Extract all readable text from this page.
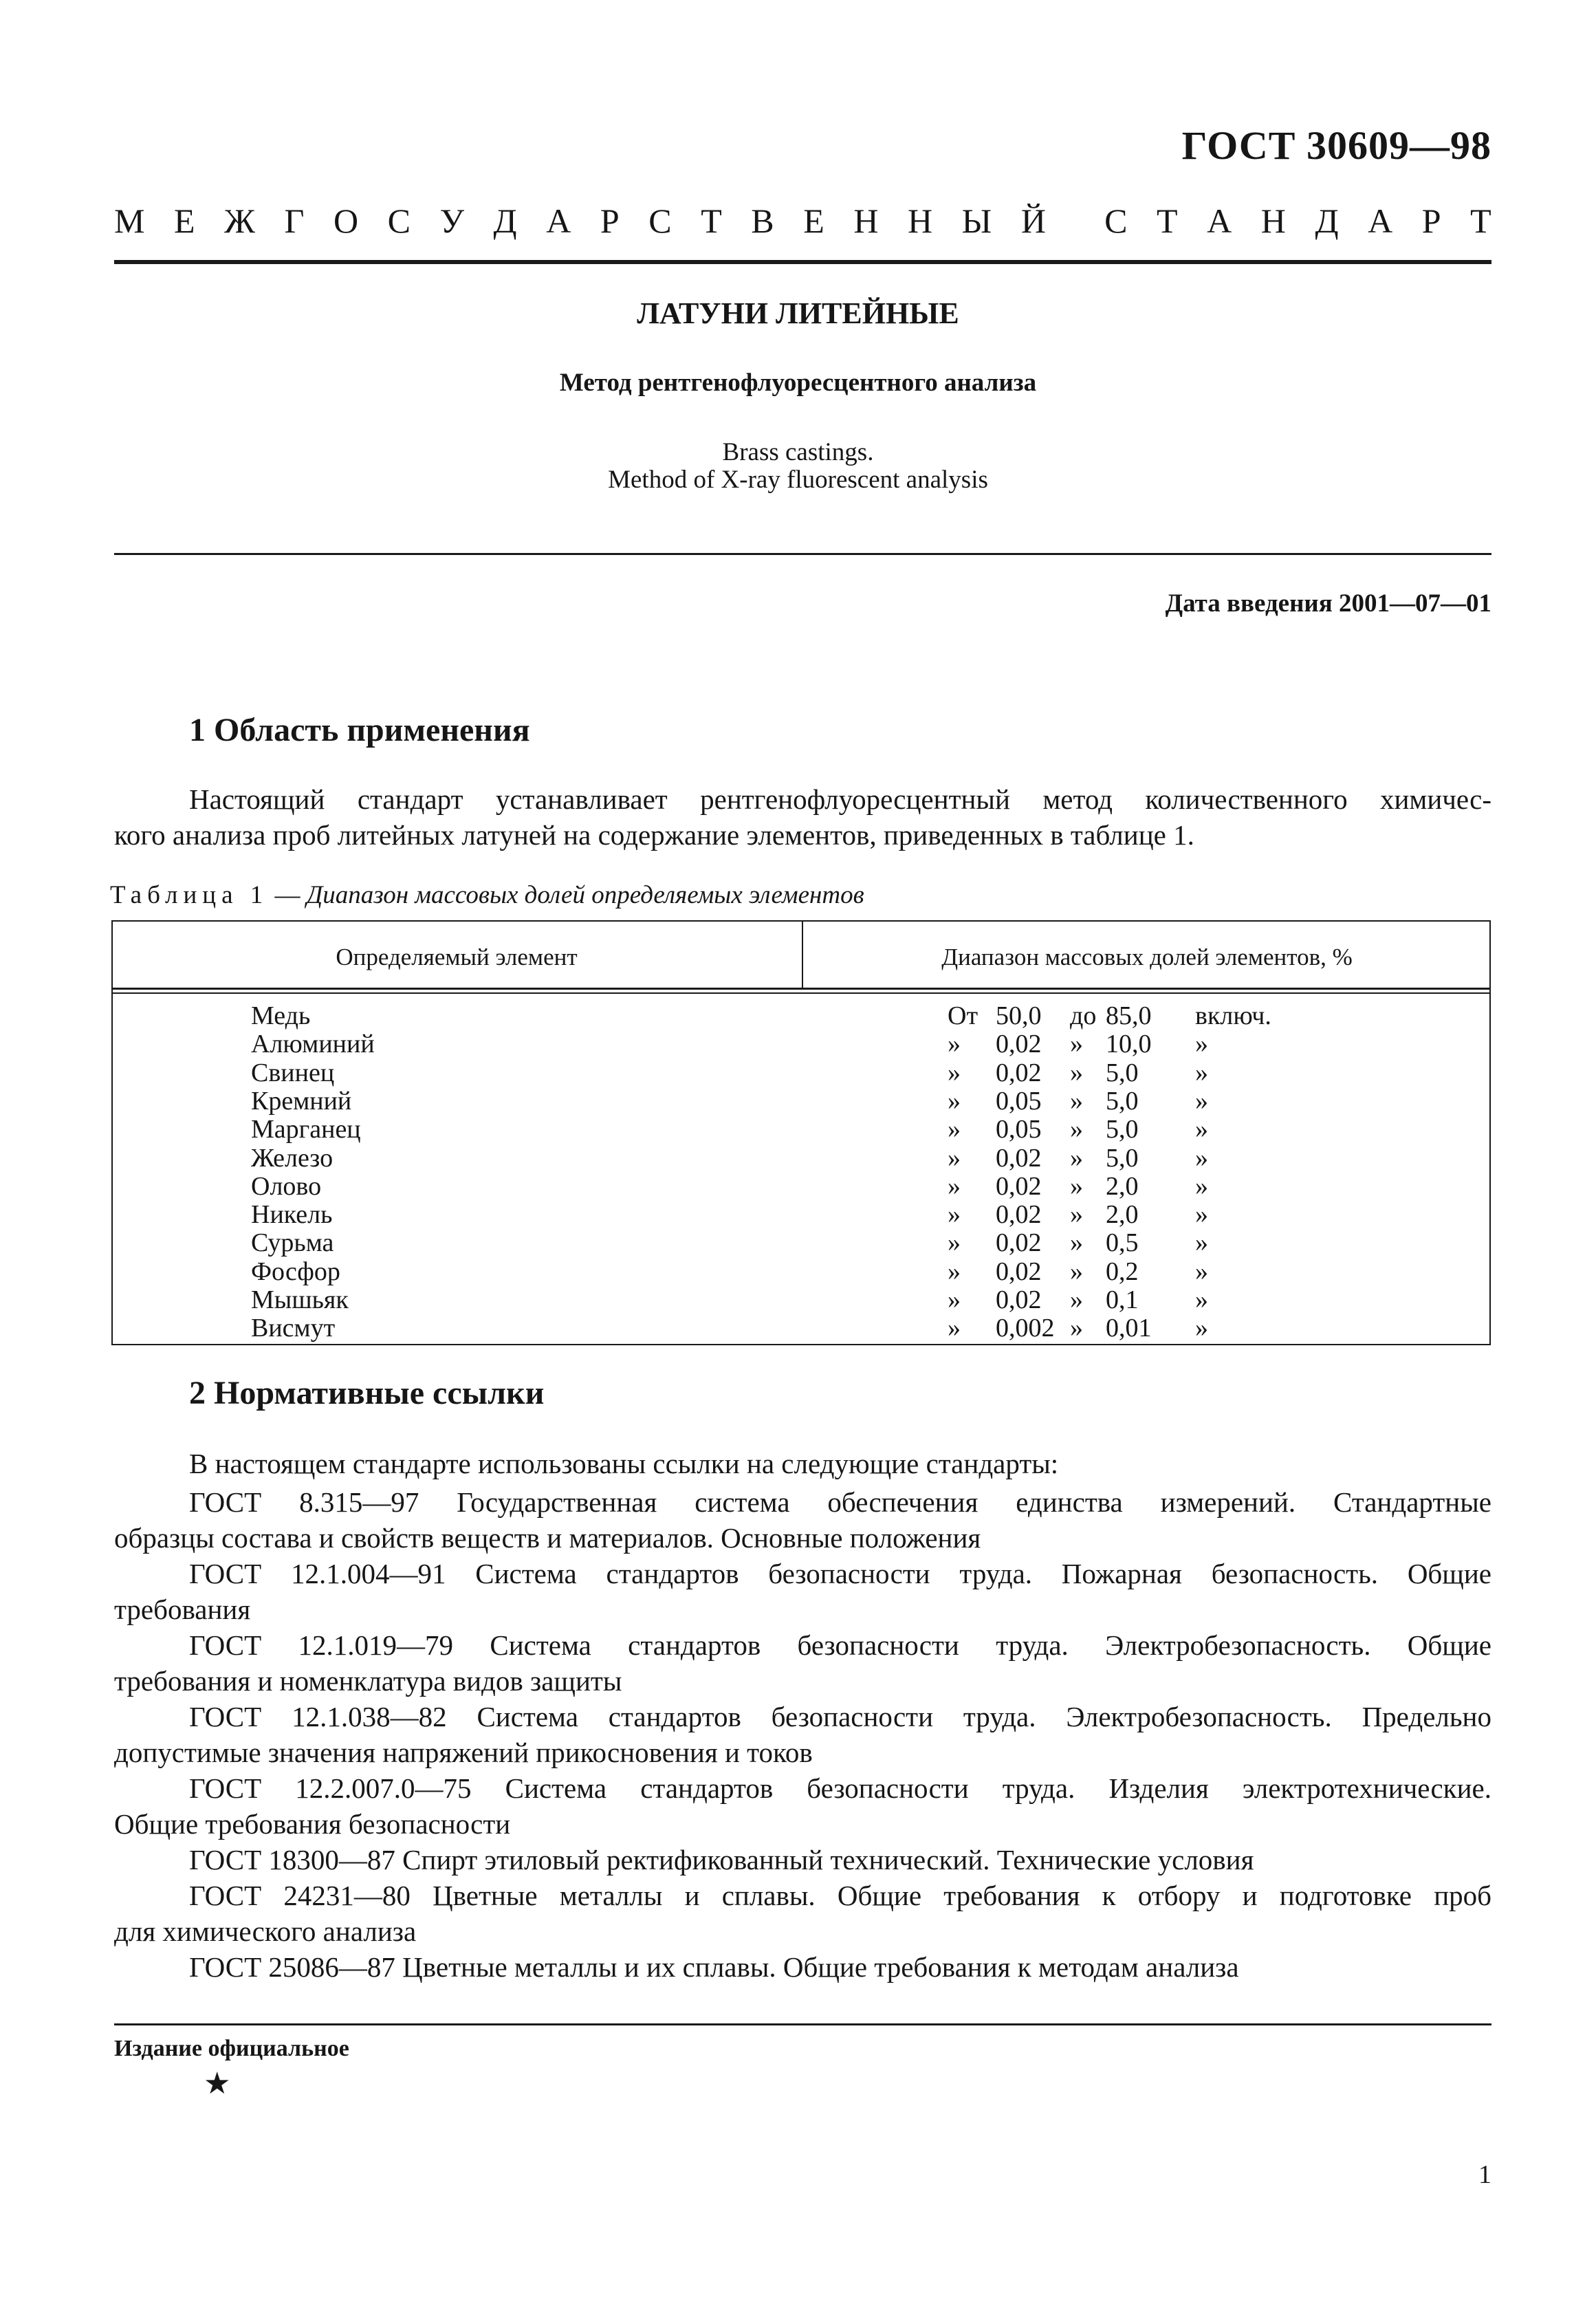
ГОСТ 30609—98
М Е Ж Г О С У Д А Р С Т В Е Н Н Ы Й С Т А Н Д А Р Т
ЛАТУНИ ЛИТЕЙНЫЕ
Метод рентгенофлуоресцентного анализа
Brass castings.
Method of X-ray fluorescent analysis
Дата введения 2001—07—01
1 Область применения
Настоящий стандарт устанавливает рентгенофлуоресцентный метод количественного химичес-
кого анализа проб литейных латуней на содержание элементов, приведенных в таблице 1.
Таблица 1 — Диапазон массовых долей определяемых элементов
Определяемый элемент	Диапазон массовых долей элементов, %
Медь	От 50,0 до 85,0 включ.
Алюминий	» 0,02 » 10,0 »
Свинец	» 0,02 » 5,0 »
Кремний	» 0,05 » 5,0 »
Марганец	» 0,05 » 5,0 »
Железо	» 0,02 » 5,0 »
Олово	» 0,02 » 2,0 »
Никель	» 0,02 » 2,0 »
Сурьма	» 0,02 » 0,5 »
Фосфор	» 0,02 » 0,2 »
Мышьяк	» 0,02 » 0,1 »
Висмут	» 0,002 » 0,01 »
2 Нормативные ссылки
В настоящем стандарте использованы ссылки на следующие стандарты:

ГОСТ 8.315—97 Государственная система обеспечения единства измерений. Стандартные

образцы состава и свойств веществ и материалов. Основные положения

ГОСТ 12.1.004—91 Система стандартов безопасности труда. Пожарная безопасность. Общие

требования

ГОСТ 12.1.019—79 Система стандартов безопасности труда. Электробезопасность. Общие

требования и номенклатура видов защиты

ГОСТ 12.1.038—82 Система стандартов безопасности труда. Электробезопасность. Предельно

допустимые значения напряжений прикосновения и токов

ГОСТ 12.2.007.0—75 Система стандартов безопасности труда. Изделия электротехнические.

Общие требования безопасности

ГОСТ 18300—87 Спирт этиловый ректификованный технический. Технические условия

ГОСТ 24231—80 Цветные металлы и сплавы. Общие требования к отбору и подготовке проб

для химического анализа

ГОСТ 25086—87 Цветные металлы и их сплавы. Общие требования к методам анализа

Издание официальное
★
1
